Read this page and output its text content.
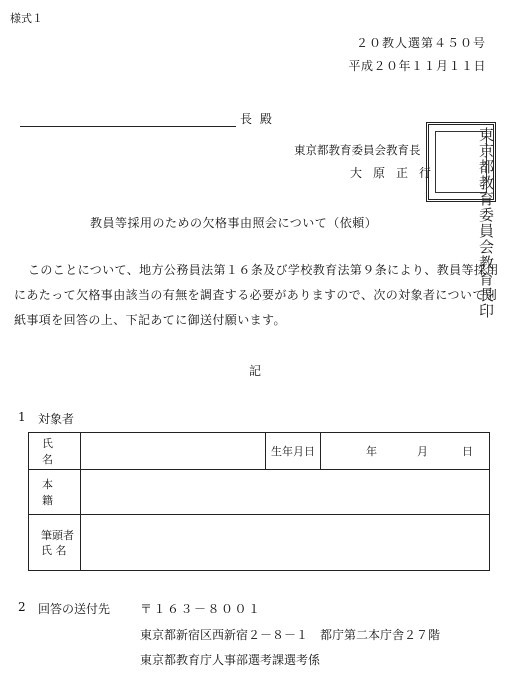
様式１
２０教人選第４５０号
平成２０年１１月１１日
長 殿
東京都教育委員会教育長
大原正行	東京都教育委員会教育長印
教員等採用のための欠格事由照会について（依頼）
このことについて、地方公務員法第１６条及び学校教育法第９条により、教員等採用にあたって欠格事由該当の有無を調査する必要がありますので、次の対象者について別紙事項を回答の上、下記あてに御送付願います。
記
1 対象者
氏 名		生年月日	年 月 日
本 籍			

筆頭者
氏 名			

2 回答の送付先 〒１６３－８００１
東京都新宿区西新宿２－８－１　都庁第二本庁舎２７階
東京都教育庁人事部選考課選考係
